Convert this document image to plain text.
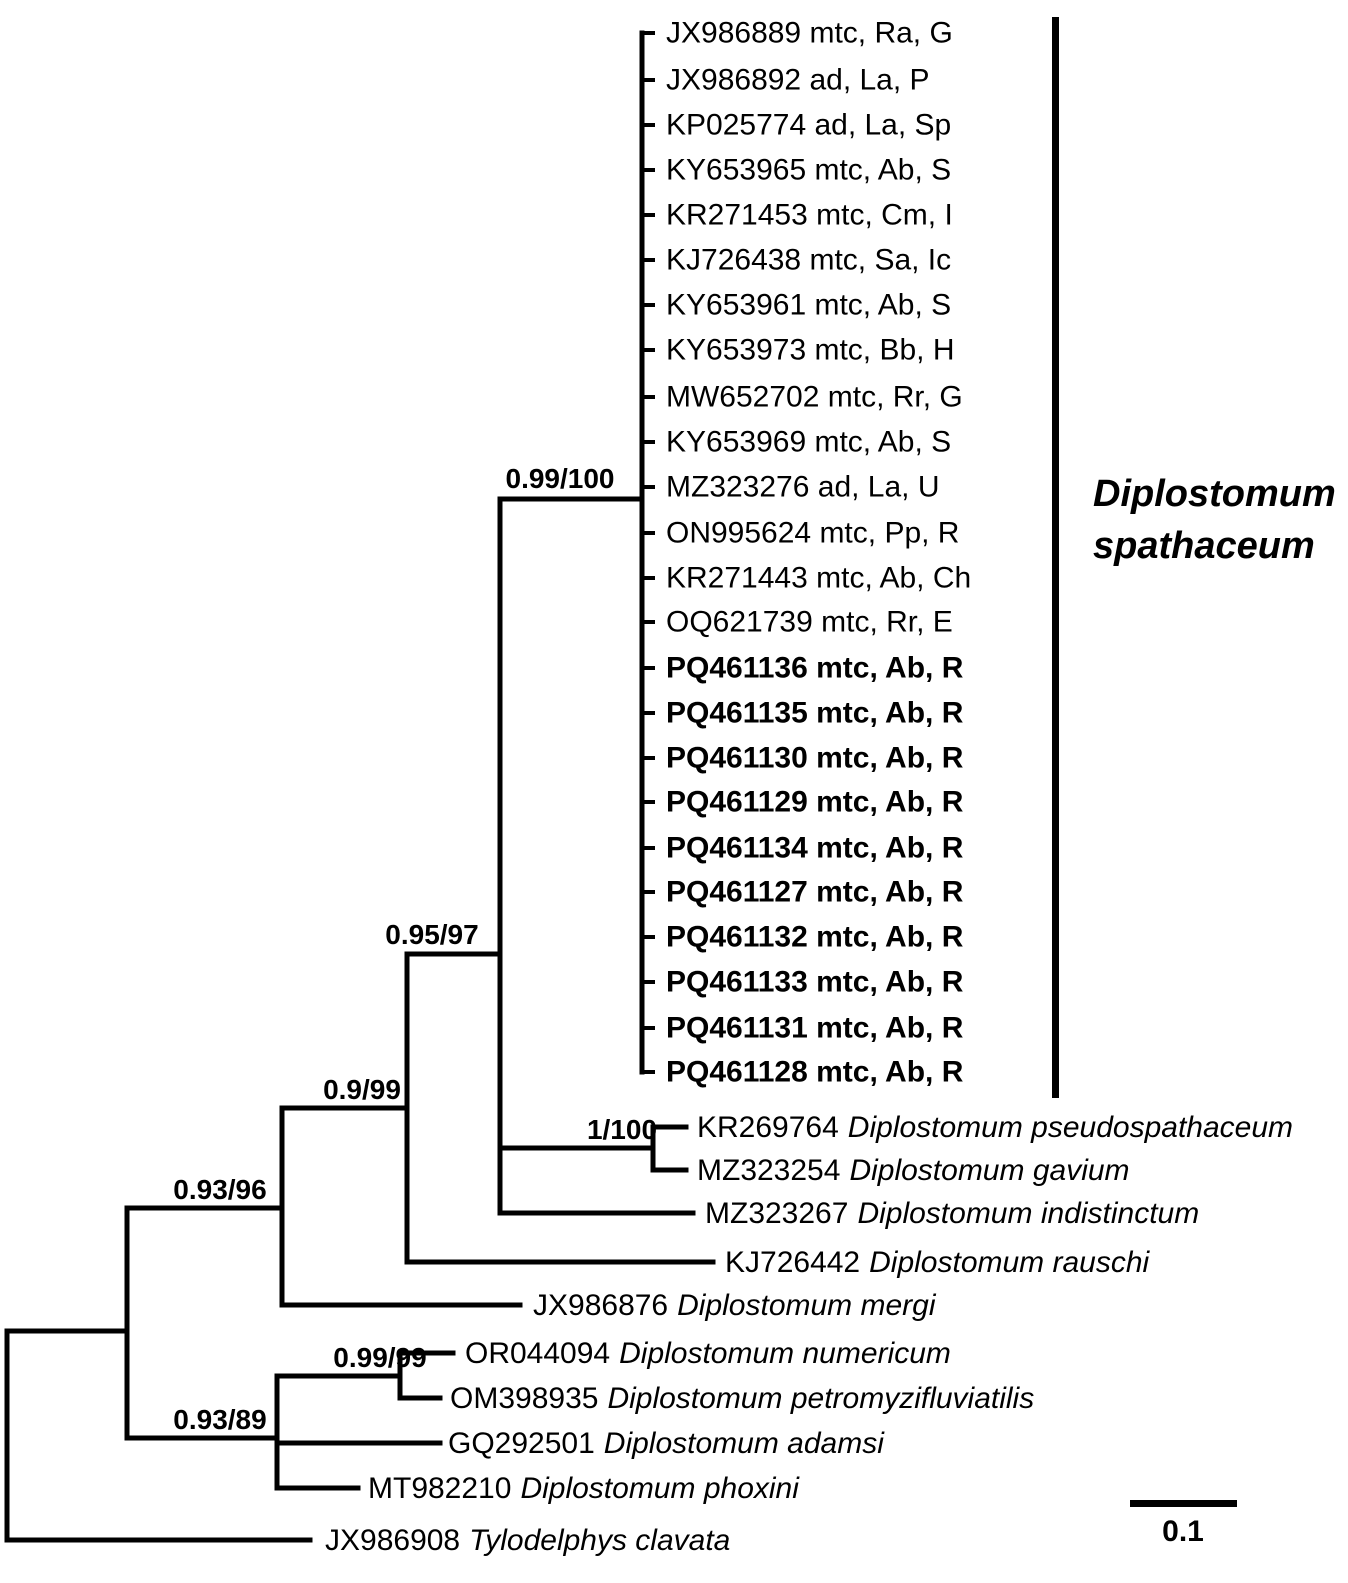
JX986889 mtc, Ra, G
JX986892 ad, La, P
KP025774 ad, La, Sp
KY653965 mtc, Ab, S
KR271453 mtc, Cm, I
KJ726438 mtc, Sa, Ic
KY653961 mtc, Ab, S
KY653973 mtc, Bb, H
MW652702 mtc, Rr, G
KY653969 mtc, Ab, S
MZ323276 ad, La, U
ON995624 mtc, Pp, R
KR271443 mtc, Ab, Ch
OQ621739 mtc, Rr, E
PQ461136 mtc, Ab, R
PQ461135 mtc, Ab, R
PQ461130 mtc, Ab, R
PQ461129 mtc, Ab, R
PQ461134 mtc, Ab, R
PQ461127 mtc, Ab, R
PQ461132 mtc, Ab, R
PQ461133 mtc, Ab, R
PQ461131 mtc, Ab, R
PQ461128 mtc, Ab, R
KR269764 Diplostomum pseudospathaceum
MZ323254 Diplostomum gavium
MZ323267 Diplostomum indistinctum
KJ726442 Diplostomum rauschi
JX986876 Diplostomum mergi
OR044094 Diplostomum numericum
OM398935 Diplostomum petromyzifluviatilis
GQ292501 Diplostomum adamsi
MT982210 Diplostomum phoxini
JX986908 Tylodelphys clavata
0.99/100
0.95/97
0.9/99
0.93/96
1/100
0.99/99
0.93/89
Diplostomum
spathaceum
0.1
